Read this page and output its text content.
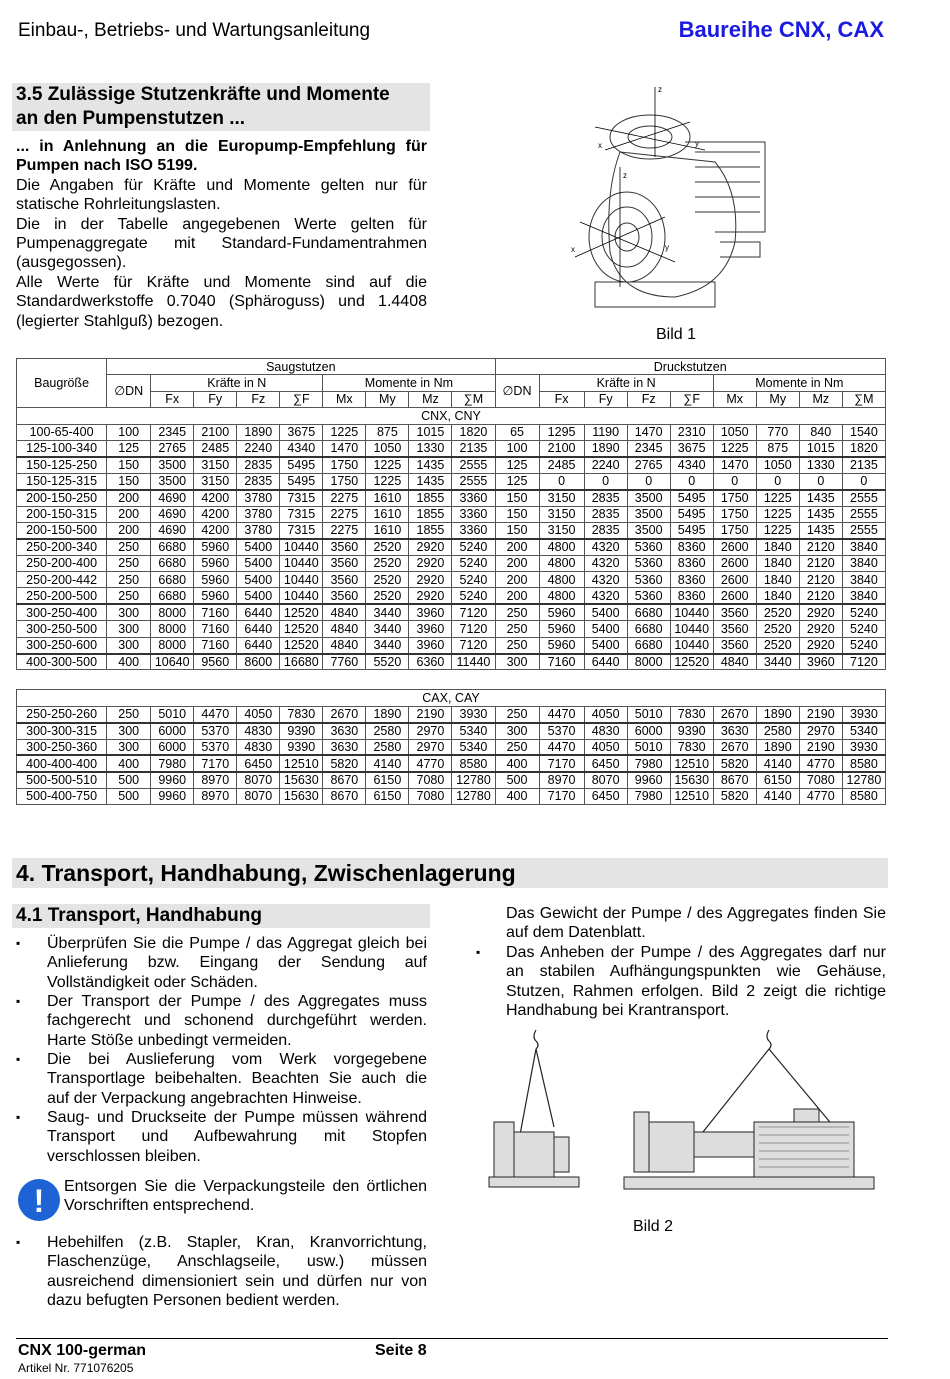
Einbau-, Betriebs- und Wartungsanleitung	Baureihe CNX, CAX
3.5 Zulässige Stutzenkräfte und Momente
an den Pumpenstutzen ...
... in Anlehnung an die Europump-Empfehlung für Pumpen nach ISO 5199.
Die Angaben für Kräfte und Momente gelten nur für statische Rohrleitungslasten.
Die in der Tabelle angegebenen Werte gelten für Pumpenaggregate mit Standard-Fundamentrahmen (ausgegossen).
Alle Werte für Kräfte und Momente sind auf die Standardwerkstoffe 0.7040 (Sphäroguss) und 1.4408 (legierter Stahlguß) bezogen.
z
x	y
z
x	y
Bild 1
Baugröße	Saugstutzen									Druckstutzen								
	∅DN	Kräfte in N				Momente in Nm				∅DN	Kräfte in N				Momente in Nm			
		Fx	Fy	Fz	∑F	Mx	My	Mz	∑M		Fx	Fy	Fz	∑F	Mx	My	Mz	∑M
CNX, CNY																		
100-65-400	100	2345	2100	1890	3675	1225	875	1015	1820	65	1295	1190	1470	2310	1050	770	840	1540
125-100-340	125	2765	2485	2240	4340	1470	1050	1330	2135	100	2100	1890	2345	3675	1225	875	1015	1820
150-125-250	150	3500	3150	2835	5495	1750	1225	1435	2555	125	2485	2240	2765	4340	1470	1050	1330	2135
150-125-315	150	3500	3150	2835	5495	1750	1225	1435	2555	125	0	0	0	0	0	0	0	0
200-150-250	200	4690	4200	3780	7315	2275	1610	1855	3360	150	3150	2835	3500	5495	1750	1225	1435	2555
200-150-315	200	4690	4200	3780	7315	2275	1610	1855	3360	150	3150	2835	3500	5495	1750	1225	1435	2555
200-150-500	200	4690	4200	3780	7315	2275	1610	1855	3360	150	3150	2835	3500	5495	1750	1225	1435	2555
250-200-340	250	6680	5960	5400	10440	3560	2520	2920	5240	200	4800	4320	5360	8360	2600	1840	2120	3840
250-200-400	250	6680	5960	5400	10440	3560	2520	2920	5240	200	4800	4320	5360	8360	2600	1840	2120	3840
250-200-442	250	6680	5960	5400	10440	3560	2520	2920	5240	200	4800	4320	5360	8360	2600	1840	2120	3840
250-200-500	250	6680	5960	5400	10440	3560	2520	2920	5240	200	4800	4320	5360	8360	2600	1840	2120	3840
300-250-400	300	8000	7160	6440	12520	4840	3440	3960	7120	250	5960	5400	6680	10440	3560	2520	2920	5240
300-250-500	300	8000	7160	6440	12520	4840	3440	3960	7120	250	5960	5400	6680	10440	3560	2520	2920	5240
300-250-600	300	8000	7160	6440	12520	4840	3440	3960	7120	250	5960	5400	6680	10440	3560	2520	2920	5240
400-300-500	400	10640	9560	8600	16680	7760	5520	6360	11440	300	7160	6440	8000	12520	4840	3440	3960	7120

CAX, CAY																		
250-250-260	250	5010	4470	4050	7830	2670	1890	2190	3930	250	4470	4050	5010	7830	2670	1890	2190	3930
300-300-315	300	6000	5370	4830	9390	3630	2580	2970	5340	300	5370	4830	6000	9390	3630	2580	2970	5340
300-250-360	300	6000	5370	4830	9390	3630	2580	2970	5340	250	4470	4050	5010	7830	2670	1890	2190	3930
400-400-400	400	7980	7170	6450	12510	5820	4140	4770	8580	400	7170	6450	7980	12510	5820	4140	4770	8580
500-500-510	500	9960	8970	8070	15630	8670	6150	7080	12780	500	8970	8070	9960	15630	8670	6150	7080	12780
500-400-750	500	9960	8970	8070	15630	8670	6150	7080	12780	400	7170	6450	7980	12510	5820	4140	4770	8580
4. Transport, Handhabung, Zwischenlagerung
4.1 Transport, Handhabung
▪ Überprüfen Sie die Pumpe / das Aggregat gleich bei Anlieferung bzw. Eingang der Sendung auf Vollständigkeit oder Schäden.
▪ Der Transport der Pumpe / des Aggregates muss fachgerecht und schonend durchgeführt werden. Harte Stöße unbedingt vermeiden.
▪ Die bei Auslieferung vom Werk vorgegebene Transportlage beibehalten. Beachten Sie auch die auf der Verpackung angebrachten Hinweise.
▪ Saug- und Druckseite der Pumpe müssen während Transport und Aufbewahrung mit Stopfen verschlossen bleiben.
! Entsorgen Sie die Verpackungsteile den örtlichen Vorschriften entsprechend.
▪ Hebehilfen (z.B. Stapler, Kran, Kranvorrichtung, Flaschenzüge, Anschlagseile, usw.) müssen ausreichend dimensioniert sein und dürfen nur von dazu befugten Personen bedient werden.
Das Gewicht der Pumpe / des Aggregates finden Sie auf dem Datenblatt.
▪ Das Anheben der Pumpe / des Aggregates darf nur an stabilen Aufhängungspunkten wie Gehäuse, Stutzen, Rahmen erfolgen. Bild 2 zeigt die richtige Handhabung bei Krantransport.
Bild 2
CNX 100-german	Seite 8
Artikel Nr. 771076205
